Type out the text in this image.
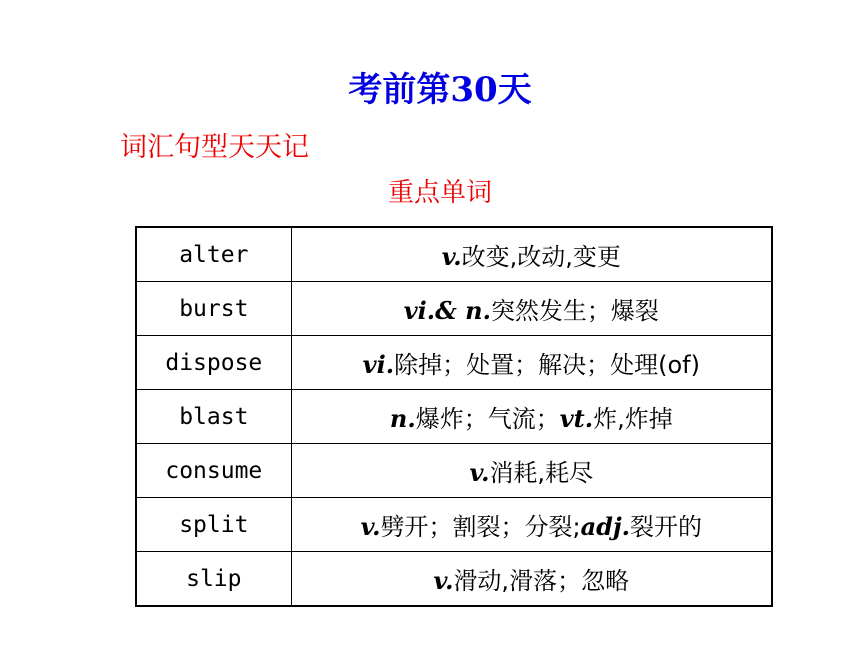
考前第30天
词汇句型天天记
重点单词
alter	v.改变,改动,变更
burst	vi.& n.突然发生；爆裂
dispose	vi.除掉；处置；解决；处理(of)
blast	n.爆炸；气流；vt.炸,炸掉
consume	v.消耗,耗尽
split	v.劈开；割裂；分裂;adj.裂开的
slip	v.滑动,滑落；忽略
